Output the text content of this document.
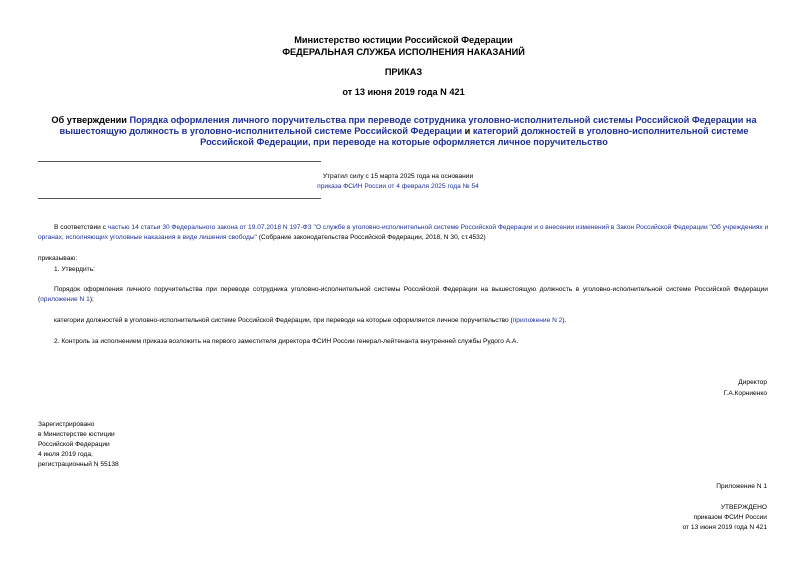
Министерство юстиции Российской Федерации
ФЕДЕРАЛЬНАЯ СЛУЖБА ИСПОЛНЕНИЯ НАКАЗАНИЙ
ПРИКАЗ
от 13 июня 2019 года N 421
Об утверждении Порядка оформления личного поручительства при переводе сотрудника уголовно-исполнительной системы Российской Федерации на вышестоящую должность в уголовно-исполнительной системе Российской Федерации и категорий должностей в уголовно-исполнительной системе Российской Федерации, при переводе на которые оформляется личное поручительство
Утратил силу с 15 марта 2025 года на основании
приказа ФСИН России от 4 февраля 2025 года № 54
В соответствии с частью 14 статьи 30 Федерального закона от 19.07.2018 N 197-ФЗ "О службе в уголовно-исполнительной системе Российской Федерации и о внесении изменений в Закон Российской Федерации "Об учреждениях и органах, исполняющих уголовные наказания в виде лишения свободы" (Собрание законодательства Российской Федерации, 2018, N 30, ст.4532)
приказываю:
1. Утвердить:
Порядок оформления личного поручительства при переводе сотрудника уголовно-исполнительной системы Российской Федерации на вышестоящую должность в уголовно-исполнительной системе Российской Федерации (приложение N 1);
категории должностей в уголовно-исполнительной системе Российской Федерации, при переводе на которые оформляется личное поручительство (приложение N 2).
2. Контроль за исполнением приказа возложить на первого заместителя директора ФСИН России генерал-лейтенанта внутренней службы Рудого А.А.
Директор
Г.А.Корниенко
Зарегистрировано
в Министерстве юстиции
Российской Федерации
4 июля 2019 года,
регистрационный N 55138
Приложение N 1
УТВЕРЖДЕНО
приказом ФСИН России
от 13 июня 2019 года N 421
